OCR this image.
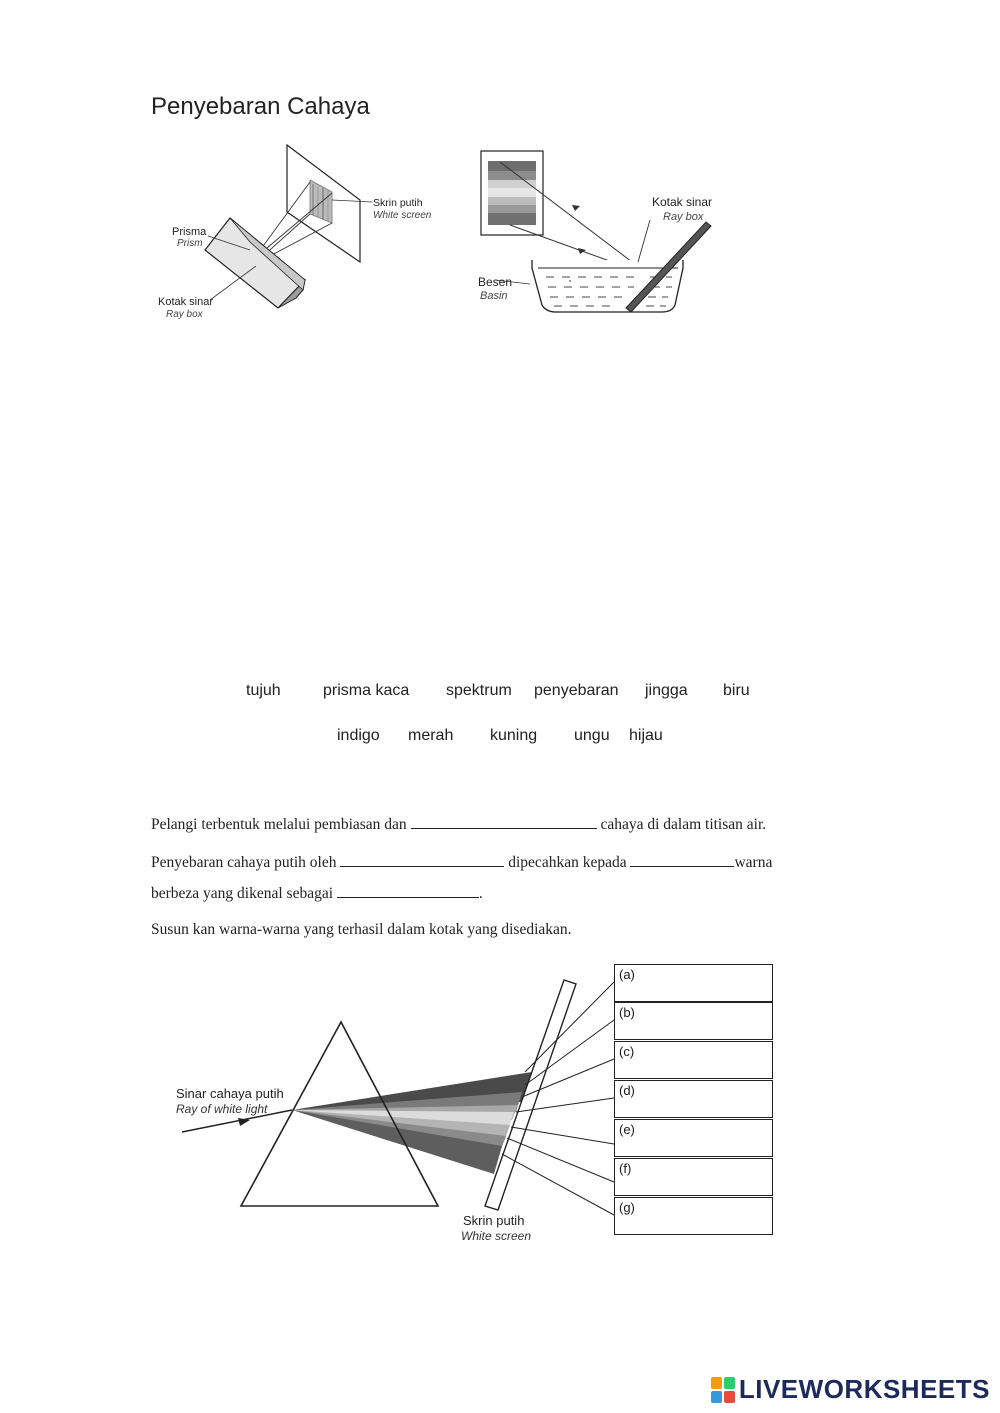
Penyebaran Cahaya
Prisma
Prism
Skrin putih
White screen
Kotak sinar
Ray box
Kotak sinar
Ray box
Besen
Basin
tujuh	prisma kaca spektrum penyebaran jingga biru
indigo merah kuning ungu hijau
Pelangi terbentuk melalui pembiasan dan	cahaya di dalam titisan air.
Penyebaran cahaya putih oleh	dipecahkan kepada	warna
berbeza yang dikenal sebagai	.
Susun kan warna-warna yang terhasil dalam kotak yang disediakan.
Sinar cahaya putih
Ray of white light
Skrin putih
White screen
(a)
(b)
(c)
(d)
(e)
(f)
(g)
LIVEWORKSHEETS
